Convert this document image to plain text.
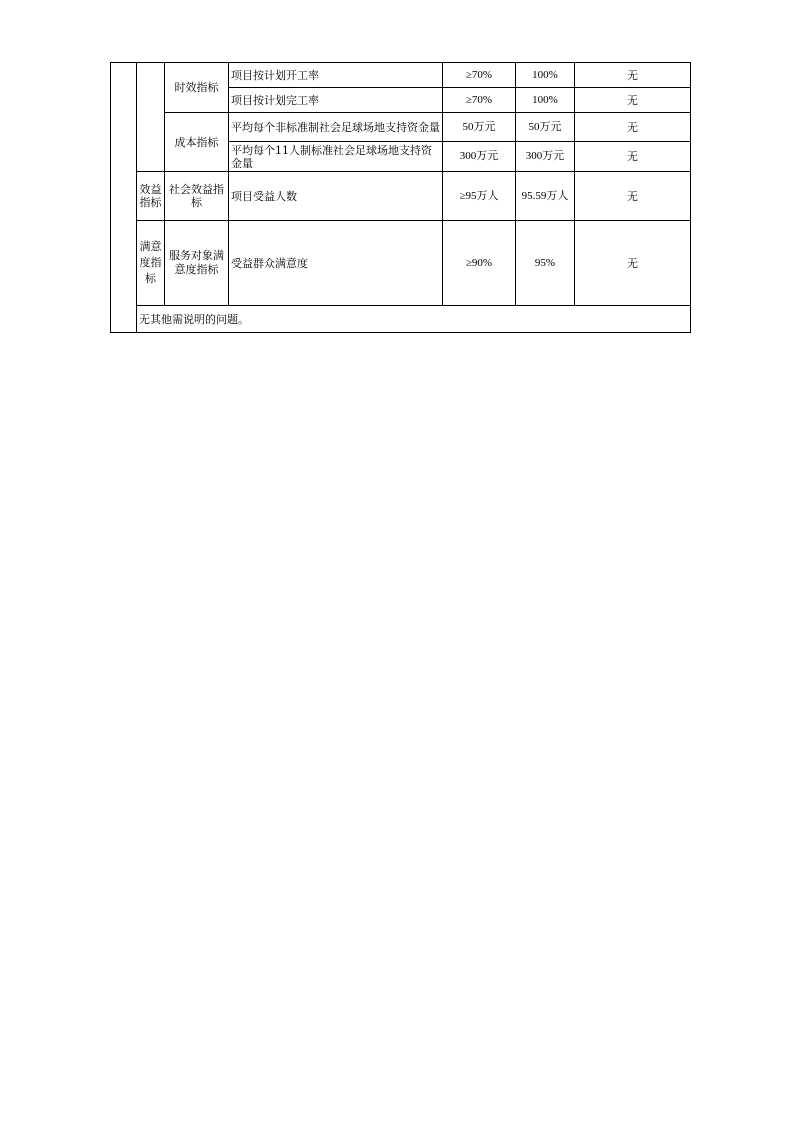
		时效指标	项目按计划开工率	≥70%	100%	无
			项目按计划完工率	≥70%	100%	无
		成本指标	平均每个非标准制社会足球场地支持资金量	50万元	50万元	无
			平均每个11人制标准社会足球场地支持资金量	300万元	300万元	无
	效益指标	社会效益指标	项目受益人数	≥95万人	95.59万人	无
	满意度指标	服务对象满意度指标	受益群众满意度	≥90%	95%	无
	无其他需说明的问题。					
